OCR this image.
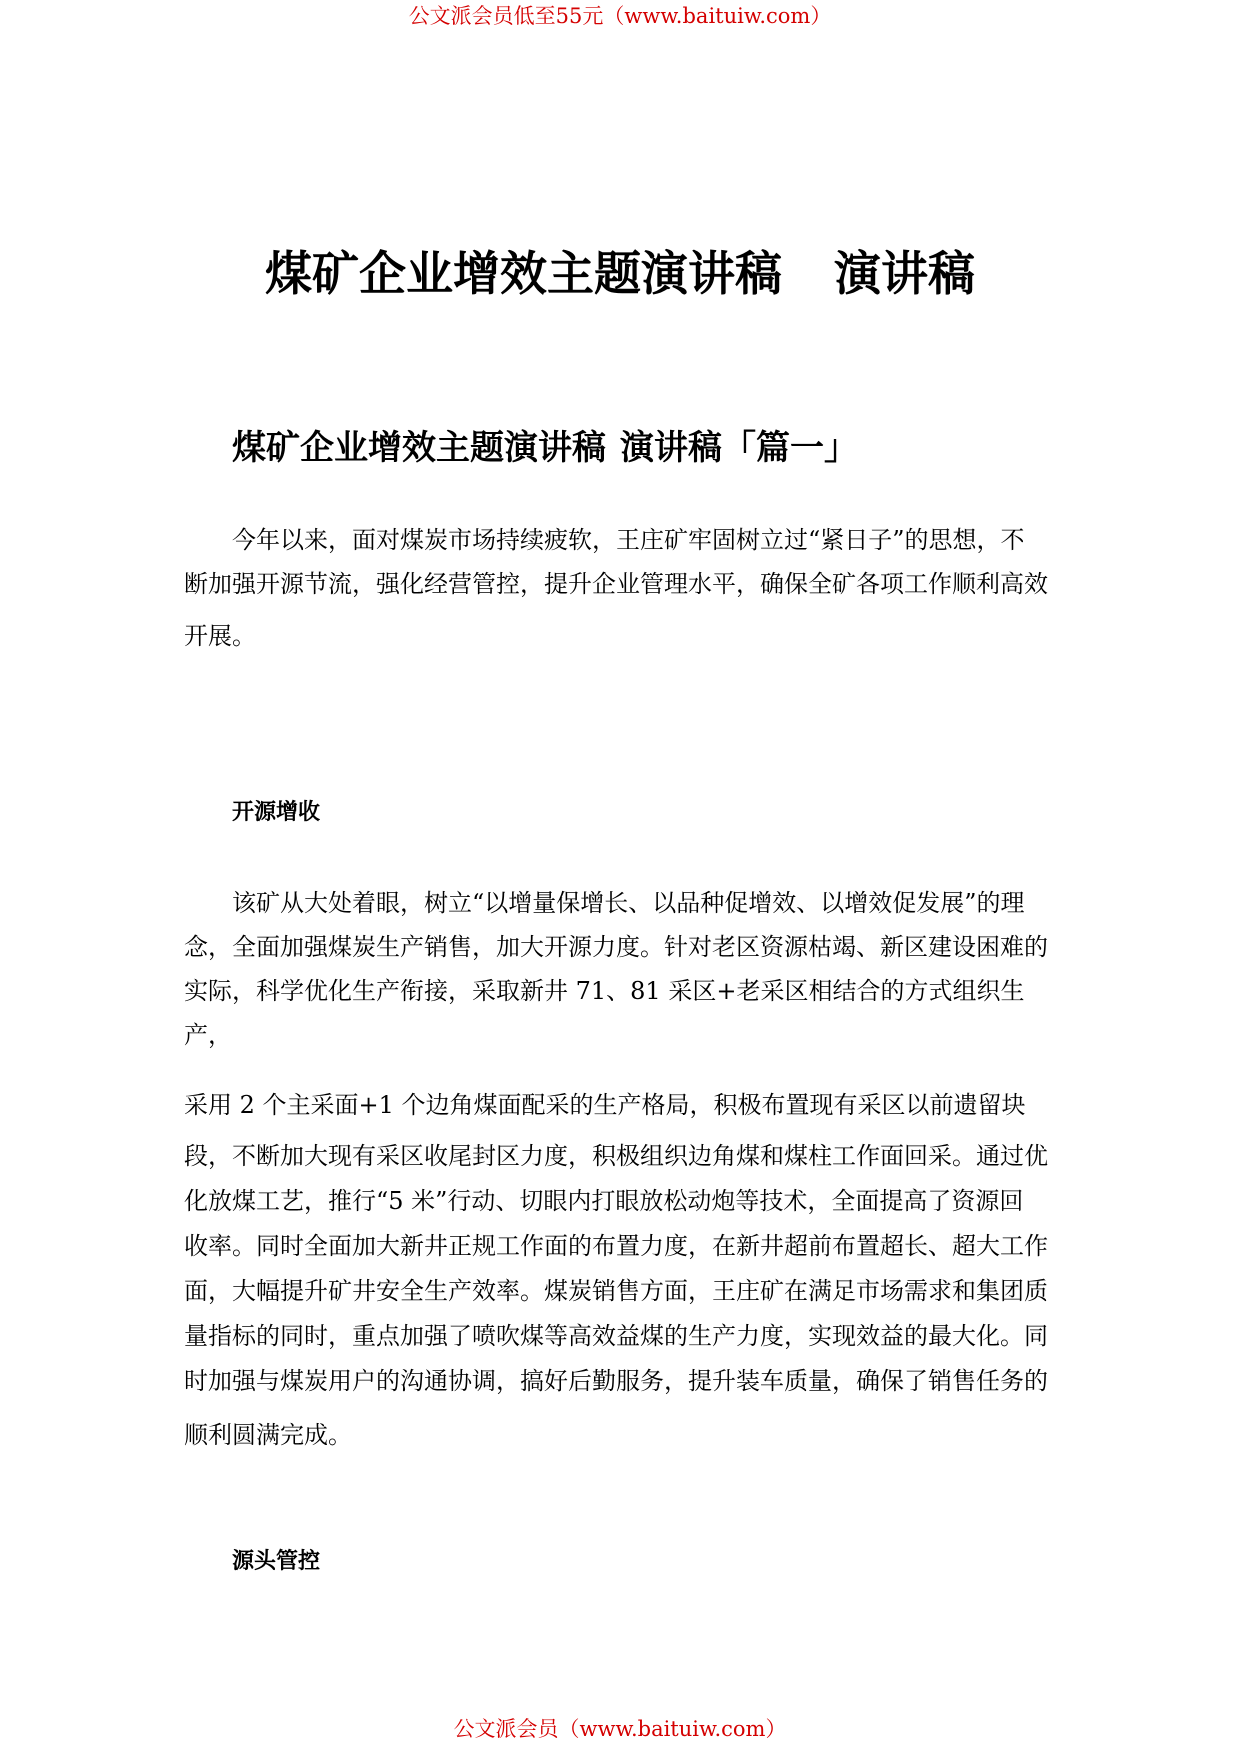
公文派会员低至55元（www.baituiw.com）
煤矿企业增效主题演讲稿 演讲稿
煤矿企业增效主题演讲稿 演讲稿「篇一」
今年以来，面对煤炭市场持续疲软，王庄矿牢固树立过“紧日子”的思想，不
断加强开源节流，强化经营管控，提升企业管理水平，确保全矿各项工作顺利高效
开展。
开源增收
该矿从大处着眼，树立“以增量保增长、以品种促增效、以增效促发展”的理
念，全面加强煤炭生产销售，加大开源力度。针对老区资源枯竭、新区建设困难的
实际，科学优化生产衔接，采取新井 71、81 采区+老采区相结合的方式组织生
产，
采用 2 个主采面+1 个边角煤面配采的生产格局，积极布置现有采区以前遗留块
段，不断加大现有采区收尾封区力度，积极组织边角煤和煤柱工作面回采。通过优
化放煤工艺，推行“5 米”行动、切眼内打眼放松动炮等技术，全面提高了资源回
收率。同时全面加大新井正规工作面的布置力度，在新井超前布置超长、超大工作
面，大幅提升矿井安全生产效率。煤炭销售方面，王庄矿在满足市场需求和集团质
量指标的同时，重点加强了喷吹煤等高效益煤的生产力度，实现效益的最大化。同
时加强与煤炭用户的沟通协调，搞好后勤服务，提升装车质量，确保了销售任务的
顺利圆满完成。
源头管控
公文派会员（www.baituiw.com）
